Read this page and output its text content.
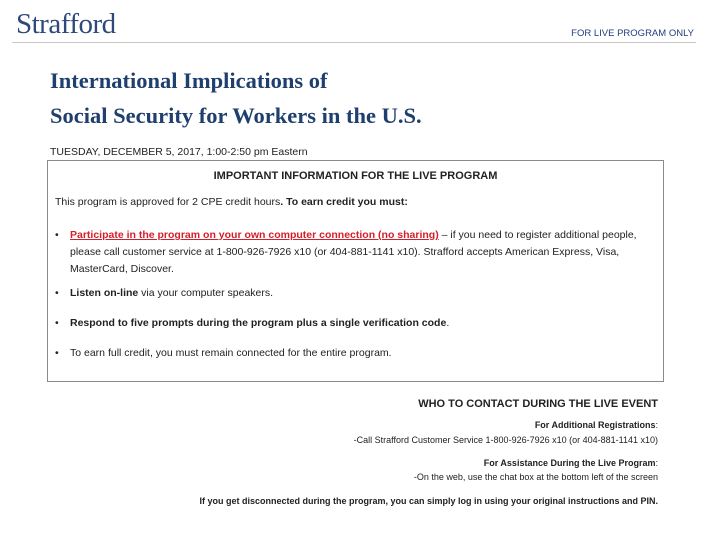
Strafford	FOR LIVE PROGRAM ONLY
International Implications of
Social Security for Workers in the U.S.
TUESDAY, DECEMBER 5, 2017, 1:00-2:50 pm Eastern
IMPORTANT INFORMATION FOR THE LIVE PROGRAM
This program is approved for 2 CPE credit hours. To earn credit you must:
• Participate in the program on your own computer connection (no sharing) – if you need to register additional people, please call customer service at 1-800-926-7926 x10 (or 404-881-1141 x10). Strafford accepts American Express, Visa, MasterCard, Discover.
• Listen on-line via your computer speakers.
• Respond to five prompts during the program plus a single verification code.
• To earn full credit, you must remain connected for the entire program.
WHO TO CONTACT DURING THE LIVE EVENT
For Additional Registrations:
-Call Strafford Customer Service 1-800-926-7926 x10 (or 404-881-1141 x10)
For Assistance During the Live Program:
-On the web, use the chat box at the bottom left of the screen
If you get disconnected during the program, you can simply log in using your original instructions and PIN.
